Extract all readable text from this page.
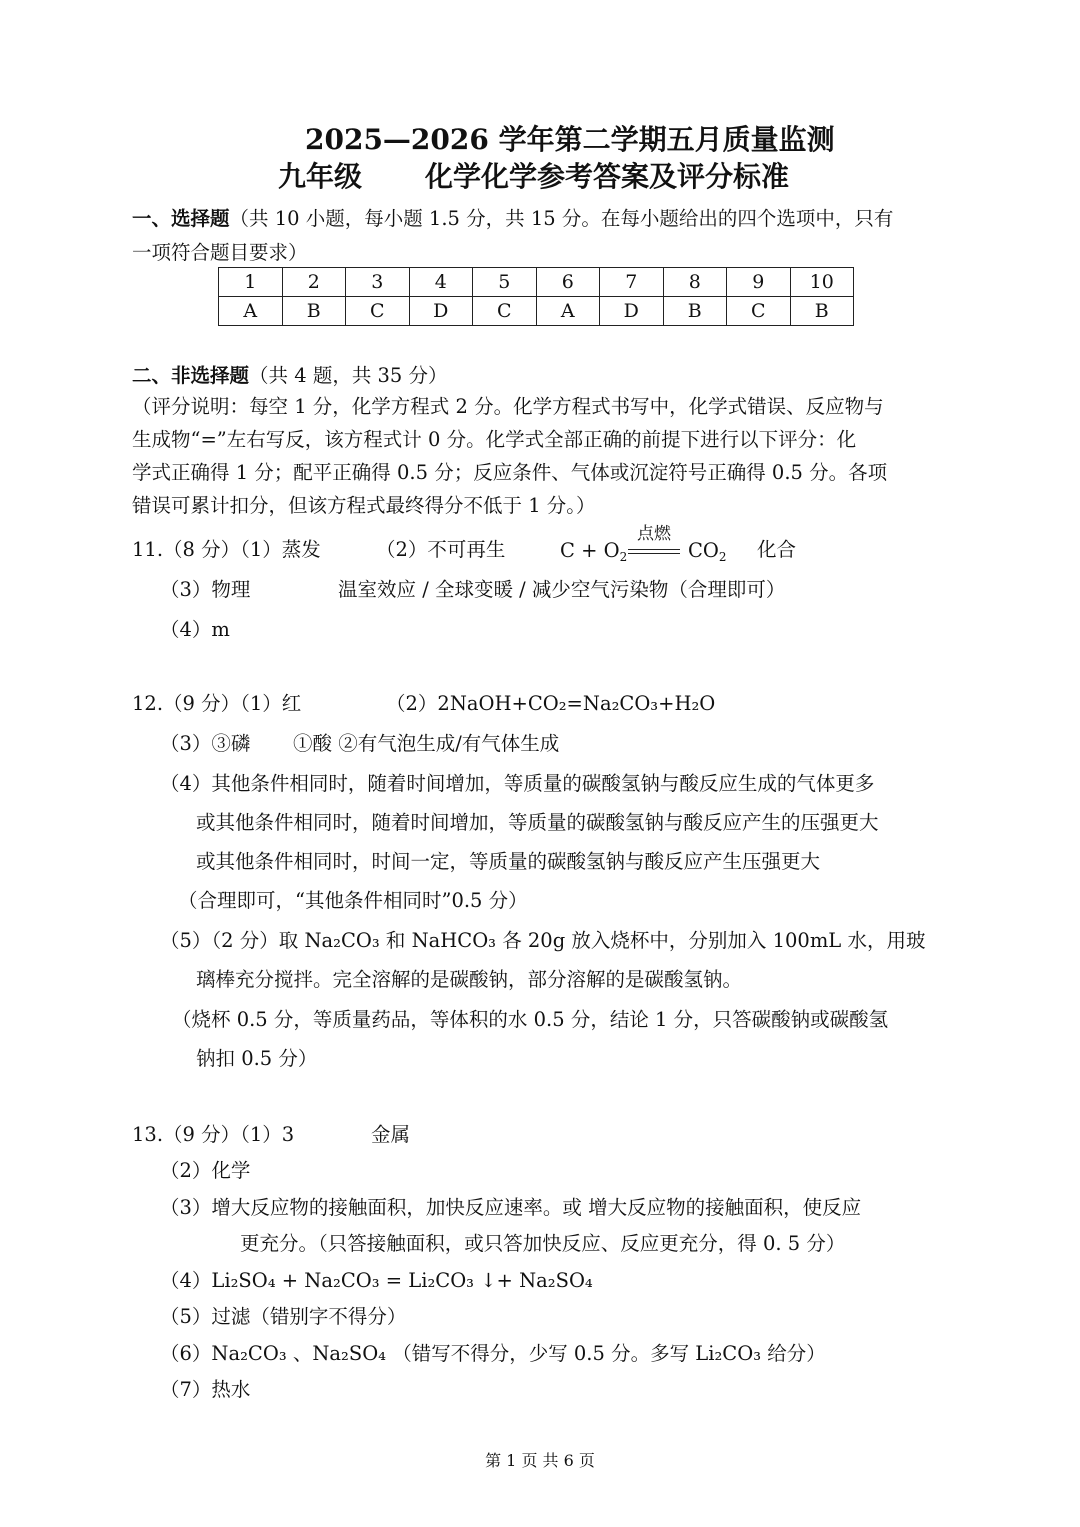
2025—2026 学年第二学期五月质量监测
九年级 化学化学参考答案及评分标准
一、选择题（共 10 小题，每小题 1.5 分，共 15 分。在每小题给出的四个选项中，只有
一项符合题目要求）
1	2	3	4	5	6	7	8	9	10
A	B	C	D	C	A	D	B	C	B
二、非选择题（共 4 题，共 35 分）
（评分说明：每空 1 分，化学方程式 2 分。化学方程式书写中，化学式错误、反应物与
生成物“=”左右写反，该方程式计 0 分。化学式全部正确的前提下进行以下评分：化
学式正确得 1 分；配平正确得 0.5 分；反应条件、气体或沉淀符号正确得 0.5 分。各项
错误可累计扣分，但该方程式最终得分不低于 1 分。）
11.（8 分）（1）蒸发	（2）不可再生	$C + O_2$
点燃
$CO_2$ 化合
（3）物理	温室效应 / 全球变暖 / 减少空气污染物（合理即可）
（4）m
12.（9 分）（1）红	（2）2NaOH+CO₂=Na₂CO₃+H₂O
（3）③磷 ①酸 ②有气泡生成/有气体生成
（4）其他条件相同时，随着时间增加，等质量的碳酸氢钠与酸反应生成的气体更多
或其他条件相同时，随着时间增加，等质量的碳酸氢钠与酸反应产生的压强更大
或其他条件相同时，时间一定，等质量的碳酸氢钠与酸反应产生压强更大
（合理即可，“其他条件相同时”0.5 分）
（5）（2 分）取 Na₂CO₃ 和 NaHCO₃ 各 20g 放入烧杯中，分别加入 100mL 水，用玻
璃棒充分搅拌。完全溶解的是碳酸钠，部分溶解的是碳酸氢钠。
（烧杯 0.5 分，等质量药品，等体积的水 0.5 分，结论 1 分，只答碳酸钠或碳酸氢
钠扣 0.5 分）
13.（9 分）（1）3	金属
（2）化学
（3）增大反应物的接触面积，加快反应速率。或 增大反应物的接触面积，使反应
更充分。（只答接触面积，或只答加快反应、反应更充分，得 0. 5 分）
（4）Li₂SO₄ + Na₂CO₃ = Li₂CO₃ ↓+ Na₂SO₄
（5）过滤（错别字不得分）
（6）Na₂CO₃ 、Na₂SO₄ （错写不得分，少写 0.5 分。多写 Li₂CO₃ 给分）
（7）热水
第 1 页 共 6 页
